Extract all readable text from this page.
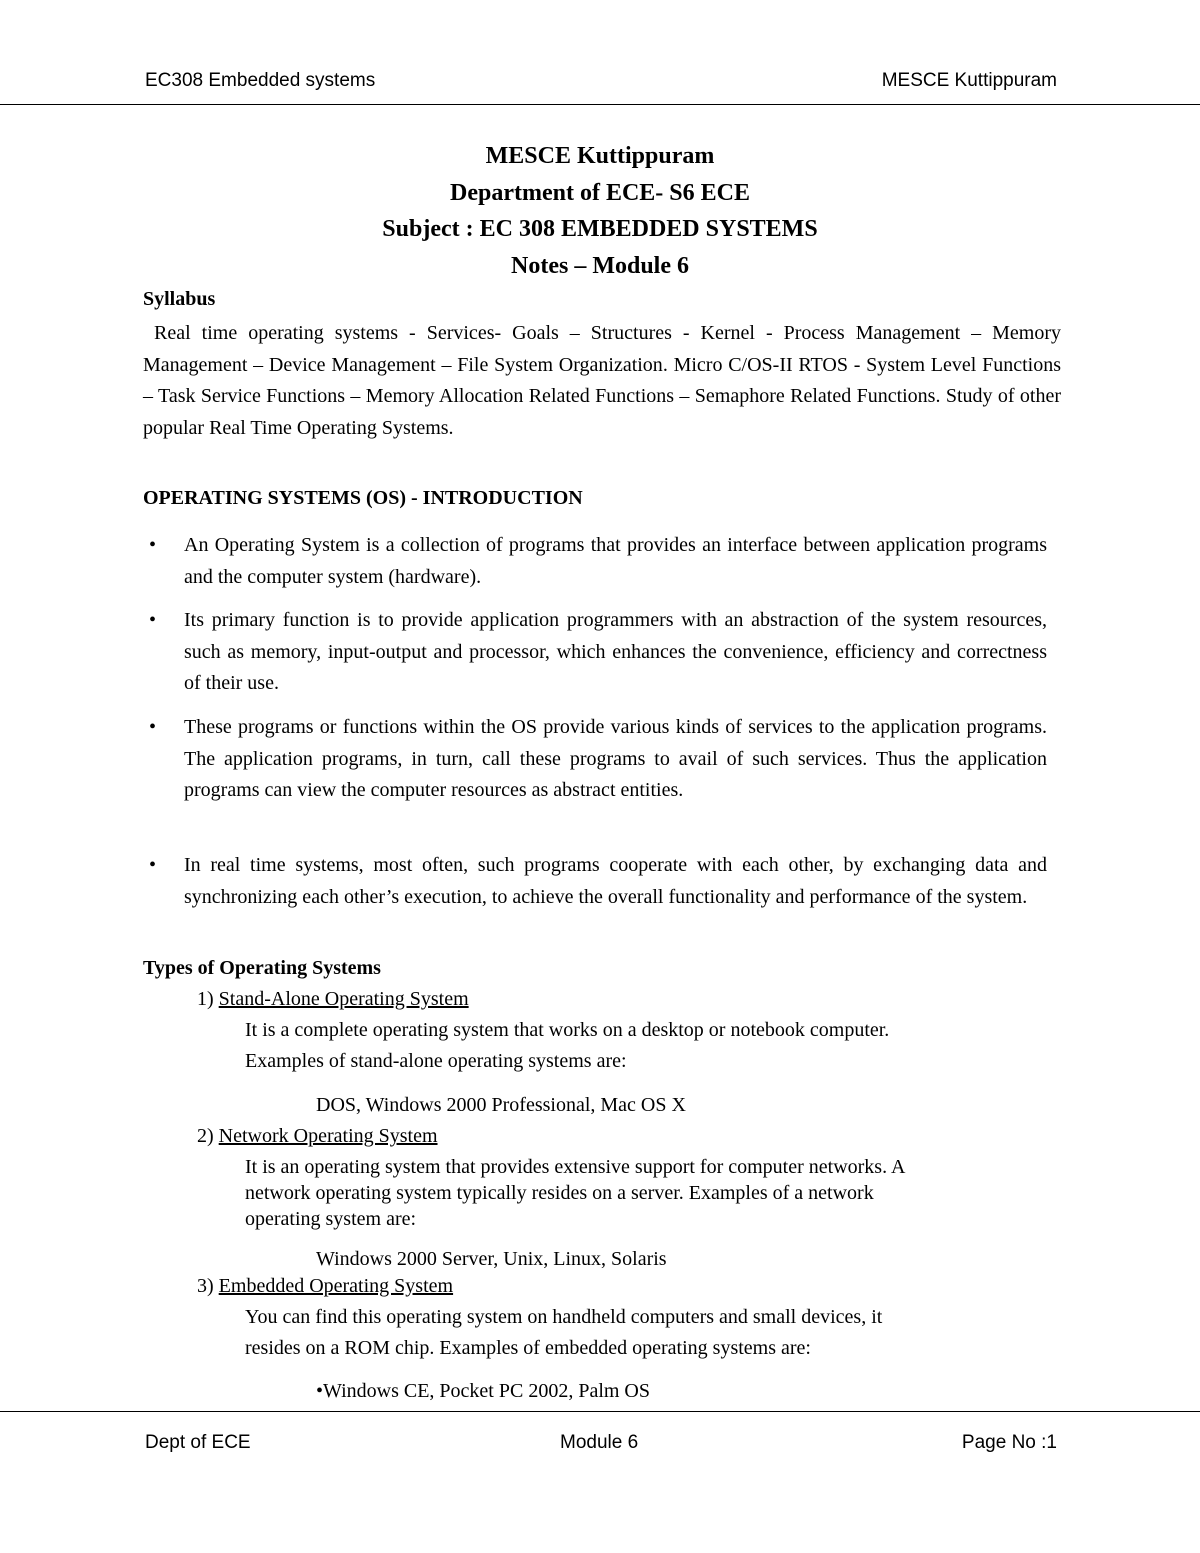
EC308 Embedded systems	MESCE Kuttippuram
MESCE Kuttippuram
Department of ECE- S6 ECE
Subject : EC 308 EMBEDDED SYSTEMS
Notes – Module 6
Syllabus
Real time operating systems - Services- Goals – Structures - Kernel - Process Management – Memory Management – Device Management – File System Organization. Micro C/OS-II RTOS - System Level Functions – Task Service Functions – Memory Allocation Related Functions – Semaphore Related Functions. Study of other popular Real Time Operating Systems.
OPERATING SYSTEMS (OS) - INTRODUCTION
• An Operating System is a collection of programs that provides an interface between application programs and the computer system (hardware).
• Its primary function is to provide application programmers with an abstraction of the system resources, such as memory, input-output and processor, which enhances the convenience, efficiency and correctness of their use.
• These programs or functions within the OS provide various kinds of services to the application programs. The application programs, in turn, call these programs to avail of such services. Thus the application programs can view the computer resources as abstract entities.
• In real time systems, most often, such programs cooperate with each other, by exchanging data and synchronizing each other’s execution, to achieve the overall functionality and performance of the system.
Types of Operating Systems
1) Stand-Alone Operating System
It is a complete operating system that works on a desktop or notebook computer.
Examples of stand-alone operating systems are:
DOS, Windows 2000 Professional, Mac OS X
2) Network Operating System
It is an operating system that provides extensive support for computer networks. A
network operating system typically resides on a server. Examples of a network
operating system are:
Windows 2000 Server, Unix, Linux, Solaris
3) Embedded Operating System
You can find this operating system on handheld computers and small devices, it
resides on a ROM chip. Examples of embedded operating systems are:
•Windows CE, Pocket PC 2002, Palm OS
Dept of ECE	Module 6	Page No :1
